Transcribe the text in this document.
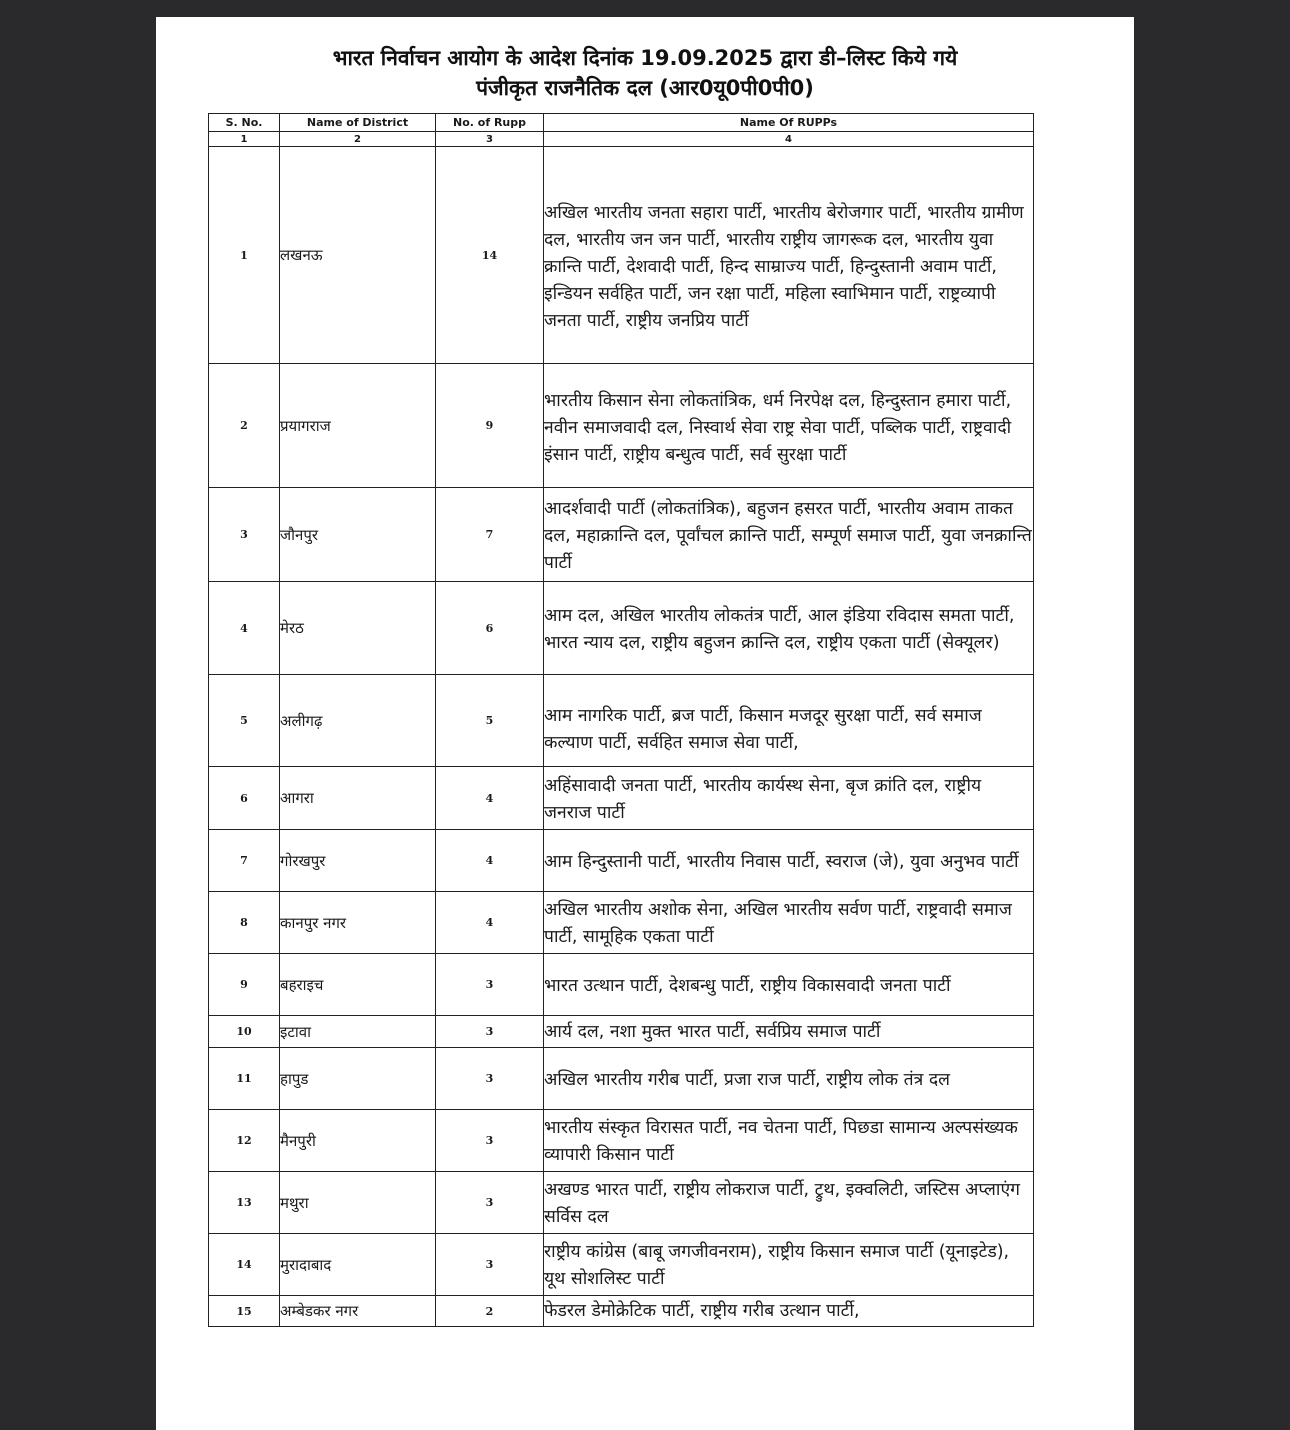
भारत निर्वाचन आयोग के आदेश दिनांक 19.09.2025 द्वारा डी–लिस्ट किये गये
पंजीकृत राजनैतिक दल (आर0यू0पी0पी0)
S. No.	Name of District	No. of Rupp	Name Of RUPPs
1	2	3	4
1	लखनऊ	14	अखिल भारतीय जनता सहारा पार्टी, भारतीय बेरोजगार पार्टी, भारतीय ग्रामीण दल, भारतीय जन जन पार्टी, भारतीय राष्ट्रीय जागरूक दल, भारतीय युवा क्रान्ति पार्टी, देशवादी पार्टी, हिन्द साम्राज्य पार्टी, हिन्दुस्तानी अवाम पार्टी, इन्डियन सर्वहित पार्टी, जन रक्षा पार्टी, महिला स्वाभिमान पार्टी, राष्ट्रव्यापी जनता पार्टी, राष्ट्रीय जनप्रिय पार्टी

2	प्रयागराज	9	भारतीय किसान सेना लोकतांत्रिक, धर्म निरपेक्ष दल, हिन्दुस्तान हमारा पार्टी, नवीन समाजवादी दल, निस्वार्थ सेवा राष्ट्र सेवा पार्टी, पब्लिक पार्टी, राष्ट्रवादी इंसान पार्टी, राष्ट्रीय बन्धुत्व पार्टी, सर्व सुरक्षा पार्टी

3	जौनपुर	7	आदर्शवादी पार्टी (लोकतांत्रिक), बहुजन हसरत पार्टी, भारतीय अवाम ताकत दल, महाक्रान्ति दल, पूर्वांचल क्रान्ति पार्टी, सम्पूर्ण समाज पार्टी, युवा जनक्रान्ति पार्टी

4	मेरठ	6	आम दल, अखिल भारतीय लोकतंत्र पार्टी, आल इंडिया रविदास समता पार्टी, भारत न्याय दल, राष्ट्रीय बहुजन क्रान्ति दल, राष्ट्रीय एकता पार्टी (सेक्यूलर)

5	अलीगढ़	5	आम नागरिक पार्टी, ब्रज पार्टी, किसान मजदूर सुरक्षा पार्टी, सर्व समाज कल्याण पार्टी, सर्वहित समाज सेवा पार्टी,

6	आगरा	4	अहिंसावादी जनता पार्टी, भारतीय कार्यस्थ सेना, बृज क्रांति दल, राष्ट्रीय जनराज पार्टी

7	गोरखपुर	4	आम हिन्दुस्तानी पार्टी, भारतीय निवास पार्टी, स्वराज (जे), युवा अनुभव पार्टी

8	कानपुर नगर	4	अखिल भारतीय अशोक सेना, अखिल भारतीय सर्वण पार्टी, राष्ट्रवादी समाज पार्टी, सामूहिक एकता पार्टी

9	बहराइच	3	भारत उत्थान पार्टी, देशबन्धु पार्टी, राष्ट्रीय विकासवादी जनता पार्टी

10	इटावा	3	आर्य दल, नशा मुक्त भारत पार्टी, सर्वप्रिय समाज पार्टी

11	हापुड	3	अखिल भारतीय गरीब पार्टी, प्रजा राज पार्टी, राष्ट्रीय लोक तंत्र दल

12	मैनपुरी	3	भारतीय संस्कृत विरासत पार्टी, नव चेतना पार्टी, पिछडा सामान्य अल्पसंख्यक व्यापारी किसान पार्टी

13	मथुरा	3	अखण्ड भारत पार्टी, राष्ट्रीय लोकराज पार्टी, ट्रुथ, इक्वलिटी, जस्टिस अप्लाएंग सर्विस दल

14	मुरादाबाद	3	राष्ट्रीय कांग्रेस (बाबू जगजीवनराम), राष्ट्रीय किसान समाज पार्टी (यूनाइटेड), यूथ सोशलिस्ट पार्टी

15	अम्बेडकर नगर	2	फेडरल डेमोक्रेटिक पार्टी, राष्ट्रीय गरीब उत्थान पार्टी,
